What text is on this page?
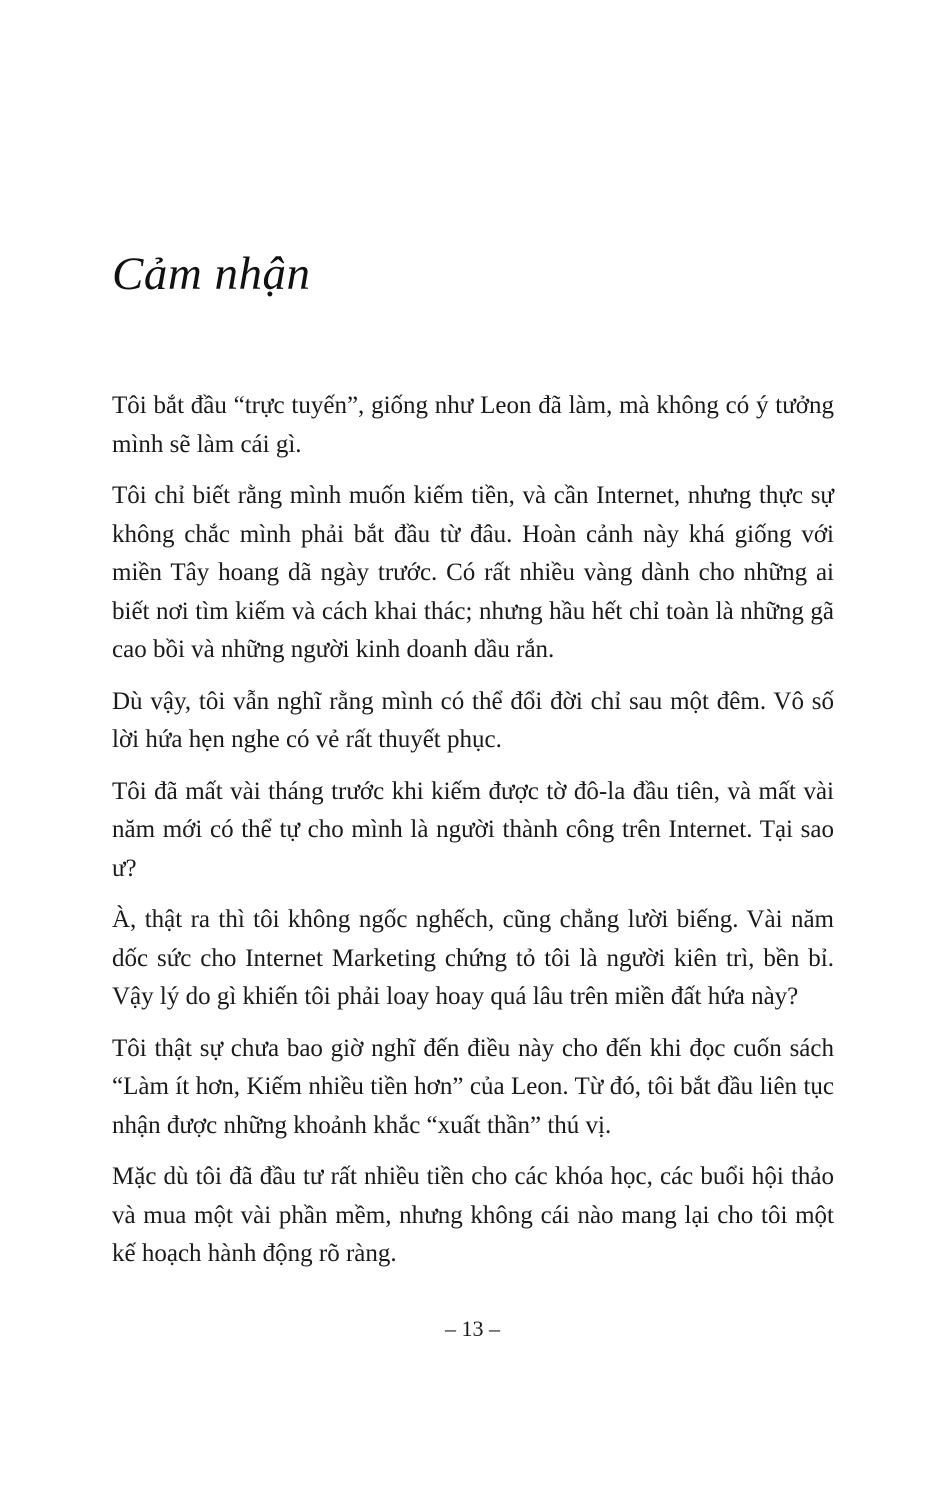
Cảm nhận

Tôi bắt đầu “trực tuyến”, giống như Leon đã làm, mà không có ý tưởng mình sẽ làm cái gì.

Tôi chỉ biết rằng mình muốn kiếm tiền, và cần Internet, nhưng thực sự không chắc mình phải bắt đầu từ đâu. Hoàn cảnh này khá giống với miền Tây hoang dã ngày trước. Có rất nhiều vàng dành cho những ai biết nơi tìm kiếm và cách khai thác; nhưng hầu hết chỉ toàn là những gã cao bồi và những người kinh doanh dầu rắn.

Dù vậy, tôi vẫn nghĩ rằng mình có thể đổi đời chỉ sau một đêm. Vô số lời hứa hẹn nghe có vẻ rất thuyết phục.

Tôi đã mất vài tháng trước khi kiếm được tờ đô-la đầu tiên, và mất vài năm mới có thể tự cho mình là người thành công trên Internet. Tại sao ư?

À, thật ra thì tôi không ngốc nghếch, cũng chẳng lười biếng. Vài năm dốc sức cho Internet Marketing chứng tỏ tôi là người kiên trì, bền bỉ. Vậy lý do gì khiến tôi phải loay hoay quá lâu trên miền đất hứa này?

Tôi thật sự chưa bao giờ nghĩ đến điều này cho đến khi đọc cuốn sách “Làm ít hơn, Kiếm nhiều tiền hơn” của Leon. Từ đó, tôi bắt đầu liên tục nhận được những khoảnh khắc “xuất thần” thú vị.

Mặc dù tôi đã đầu tư rất nhiều tiền cho các khóa học, các buổi hội thảo và mua một vài phần mềm, nhưng không cái nào mang lại cho tôi một kế hoạch hành động rõ ràng.

– 13 –
